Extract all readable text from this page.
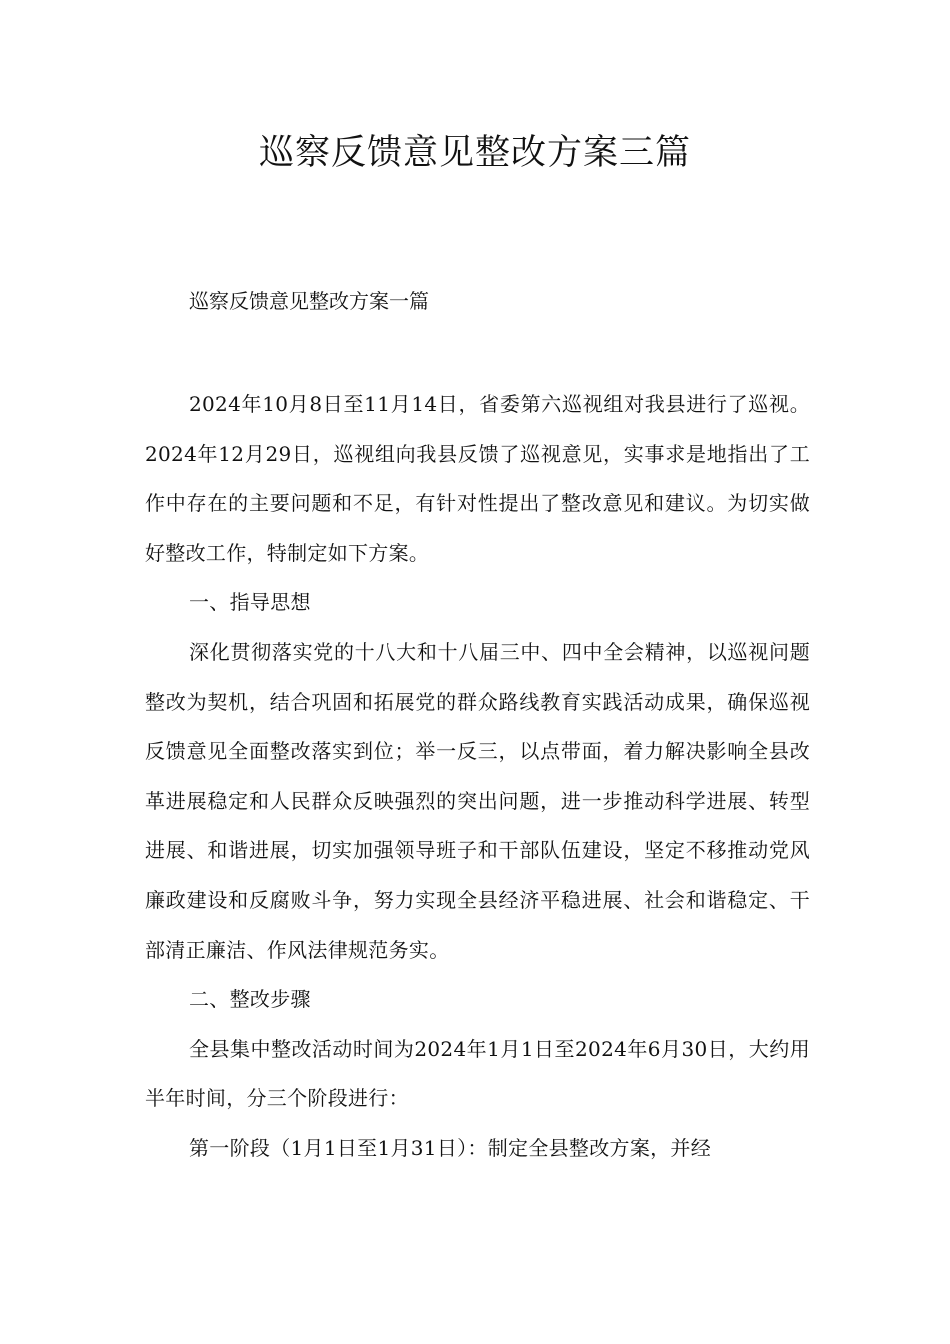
巡察反馈意见整改方案三篇
巡察反馈意见整改方案一篇

2024年10月8日至11月14日，省委第六巡视组对我县进行了巡视。2024年12月29日，巡视组向我县反馈了巡视意见，实事求是地指出了工作中存在的主要问题和不足，有针对性提出了整改意见和建议。为切实做好整改工作，特制定如下方案。

一、指导思想

深化贯彻落实党的十八大和十八届三中、四中全会精神，以巡视问题整改为契机，结合巩固和拓展党的群众路线教育实践活动成果，确保巡视反馈意见全面整改落实到位；举一反三，以点带面，着力解决影响全县改革进展稳定和人民群众反映强烈的突出问题，进一步推动科学进展、转型进展、和谐进展，切实加强领导班子和干部队伍建设，坚定不移推动党风廉政建设和反腐败斗争，努力实现全县经济平稳进展、社会和谐稳定、干部清正廉洁、作风法律规范务实。

二、整改步骤

全县集中整改活动时间为2024年1月1日至2024年6月30日，大约用半年时间，分三个阶段进行：

第一阶段（1月1日至1月31日）：制定全县整改方案，并经
